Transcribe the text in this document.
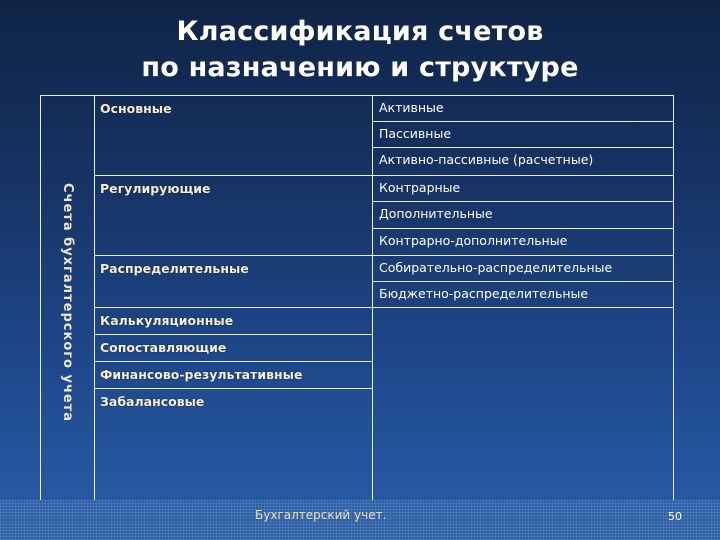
Классификация счетов
по назначению и структуре
Счета бухгалтерского учета
Основные
Регулирующие
Распределительные
Калькуляционные
Сопоставляющие
Финансово-результативные
Забалансовые
Активные
Пассивные
Активно-пассивные (расчетные)
Контрарные
Дополнительные
Контрарно-дополнительные
Собирательно-распределительные
Бюджетно-распределительные
Бухгалтерский учет.	50
